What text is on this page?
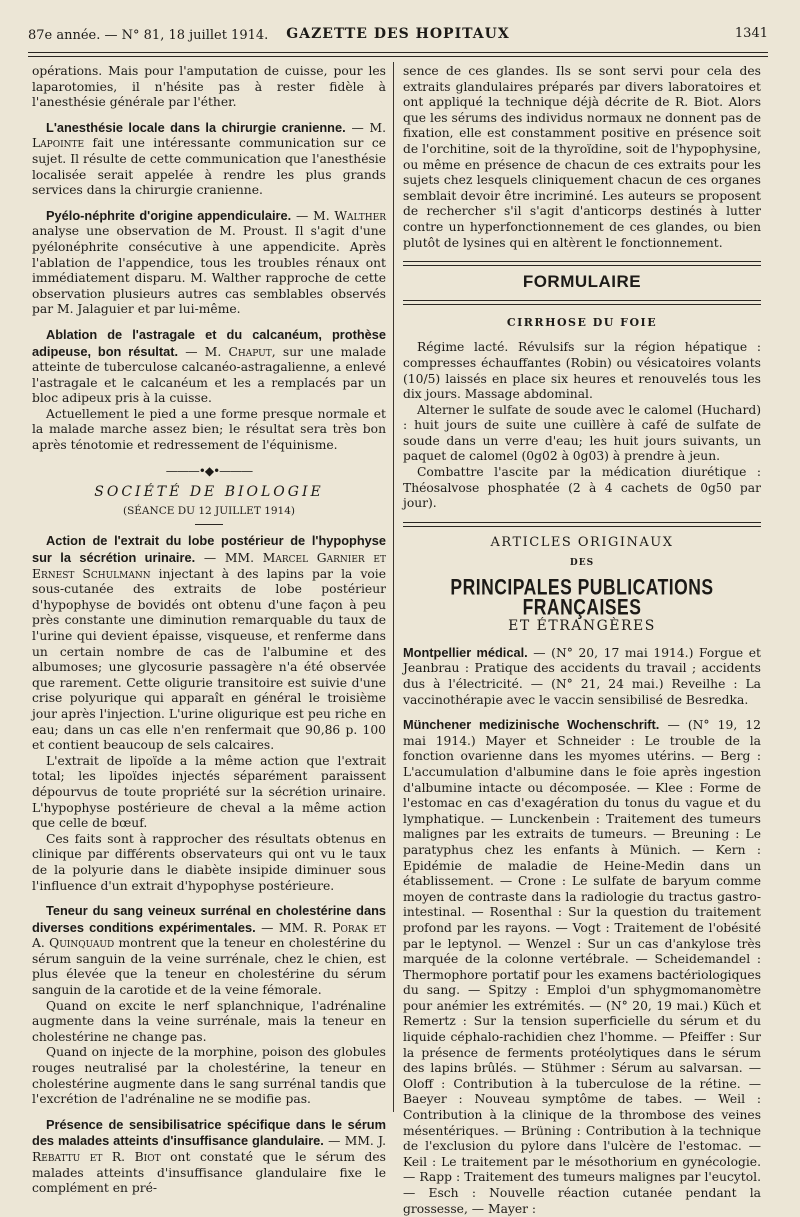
87e année. — N° 81, 18 juillet 1914.	GAZETTE DES HOPITAUX	1341

opérations. Mais pour l'amputation de cuisse, pour les laparotomies, il n'hésite pas à rester fidèle à l'anesthésie générale par l'éther.

L'anesthésie locale dans la chirurgie cranienne. — M. Lapointe fait une intéressante communication sur ce sujet. Il résulte de cette communication que l'anesthésie localisée serait appelée à rendre les plus grands services dans la chirurgie cranienne.

Pyélo-néphrite d'origine appendiculaire. — M. Walther analyse une observation de M. Proust. Il s'agit d'une pyélonéphrite consécutive à une appendicite. Après l'ablation de l'appendice, tous les troubles rénaux ont immédiatement disparu. M. Walther rapproche de cette observation plusieurs autres cas semblables observés par M. Jalaguier et par lui-même.

Ablation de l'astragale et du calcanéum, prothèse adipeuse, bon résultat. — M. Chaput, sur une malade atteinte de tuberculose calcanéo-astragalienne, a enlevé l'astragale et le calcanéum et les a remplacés par un bloc adipeux pris à la cuisse.

Actuellement le pied a une forme presque normale et la malade marche assez bien; le résultat sera très bon après ténotomie et redressement de l'équinisme.

———•◆•———
SOCIÉTÉ DE BIOLOGIE
(SÉANCE DU 12 JUILLET 1914)

Action de l'extrait du lobe postérieur de l'hypophyse sur la sécrétion urinaire. — MM. Marcel Garnier et Ernest Schulmann injectant à des lapins par la voie sous-cutanée des extraits de lobe postérieur d'hypophyse de bovidés ont obtenu d'une façon à peu près constante une diminution remarquable du taux de l'urine qui devient épaisse, visqueuse, et renferme dans un certain nombre de cas de l'albumine et des albumoses; une glycosurie passagère n'a été observée que rarement. Cette oligurie transitoire est suivie d'une crise polyurique qui apparaît en général le troisième jour après l'injection. L'urine oligurique est peu riche en eau; dans un cas elle n'en renfermait que 90,86 p. 100 et contient beaucoup de sels calcaires.

L'extrait de lipoïde a la même action que l'extrait total; les lipoïdes injectés séparément paraissent dépourvus de toute propriété sur la sécrétion urinaire. L'hypophyse postérieure de cheval a la même action que celle de bœuf.

Ces faits sont à rapprocher des résultats obtenus en clinique par différents observateurs qui ont vu le taux de la polyurie dans le diabète insipide diminuer sous l'influence d'un extrait d'hypophyse postérieure.

Teneur du sang veineux surrénal en cholestérine dans diverses conditions expérimentales. — MM. R. Porak et A. Quinquaud montrent que la teneur en cholestérine du sérum sanguin de la veine surrénale, chez le chien, est plus élevée que la teneur en cholestérine du sérum sanguin de la carotide et de la veine fémorale.

Quand on excite le nerf splanchnique, l'adrénaline augmente dans la veine surrénale, mais la teneur en cholestérine ne change pas.

Quand on injecte de la morphine, poison des globules rouges neutralisé par la cholestérine, la teneur en cholestérine augmente dans le sang surrénal tandis que l'excrétion de l'adrénaline ne se modifie pas.

Présence de sensibilisatrice spécifique dans le sérum des malades atteints d'insuffisance glandulaire. — MM. J. Rebattu et R. Biot ont constaté que le sérum des malades atteints d'insuffisance glandulaire fixe le complément en pré-

sence de ces glandes. Ils se sont servi pour cela des extraits glandulaires préparés par divers laboratoires et ont appliqué la technique déjà décrite de R. Biot. Alors que les sérums des individus normaux ne donnent pas de fixation, elle est constamment positive en présence soit de l'orchitine, soit de la thyroïdine, soit de l'hypophysine, ou même en présence de chacun de ces extraits pour les sujets chez lesquels cliniquement chacun de ces organes semblait devoir être incriminé. Les auteurs se proposent de rechercher s'il s'agit d'anticorps destinés à lutter contre un hyperfonctionnement de ces glandes, ou bien plutôt de lysines qui en altèrent le fonctionnement.

FORMULAIRE
CIRRHOSE DU FOIE

Régime lacté. Révulsifs sur la région hépatique : compresses échauffantes (Robin) ou vésicatoires volants (10/5) laissés en place six heures et renouvelés tous les dix jours. Massage abdominal.

Alterner le sulfate de soude avec le calomel (Huchard) : huit jours de suite une cuillère à café de sulfate de soude dans un verre d'eau; les huit jours suivants, un paquet de calomel (0g02 à 0g03) à prendre à jeun.

Combattre l'ascite par la médication diurétique : Théosalvose phosphatée (2 à 4 cachets de 0g50 par jour).

ARTICLES ORIGINAUX
DES
PRINCIPALES PUBLICATIONS FRANÇAISES
ET ÉTRANGÈRES

Montpellier médical. — (N° 20, 17 mai 1914.) Forgue et Jeanbrau : Pratique des accidents du travail ; accidents dus à l'électricité. — (N° 21, 24 mai.) Reveilhe : La vaccinothérapie avec le vaccin sensibilisé de Besredka.

Münchener medizinische Wochenschrift. — (N° 19, 12 mai 1914.) Mayer et Schneider : Le trouble de la fonction ovarienne dans les myomes utérins. — Berg : L'accumulation d'albumine dans le foie après ingestion d'albumine intacte ou décomposée. — Klee : Forme de l'estomac en cas d'exagération du tonus du vague et du lymphatique. — Lunckenbein : Traitement des tumeurs malignes par les extraits de tumeurs. — Breuning : Le paratyphus chez les enfants à Münich. — Kern : Epidémie de maladie de Heine-Medin dans un établissement. — Crone : Le sulfate de baryum comme moyen de contraste dans la radiologie du tractus gastro-intestinal. — Rosenthal : Sur la question du traitement profond par les rayons. — Vogt : Traitement de l'obésité par le leptynol. — Wenzel : Sur un cas d'ankylose très marquée de la colonne vertébrale. — Scheidemandel : Thermophore portatif pour les examens bactériologiques du sang. — Spitzy : Emploi d'un sphygmomanomètre pour anémier les extrémités. — (N° 20, 19 mai.) Küch et Remertz : Sur la tension superficielle du sérum et du liquide céphalo-rachidien chez l'homme. — Pfeiffer : Sur la présence de ferments protéolytiques dans le sérum des lapins brûlés. — Stühmer : Sérum au salvarsan. — Oloff : Contribution à la tuberculose de la rétine. — Baeyer : Nouveau symptôme de tabes. — Weil : Contribution à la clinique de la thrombose des veines mésentériques. — Brüning : Contribution à la technique de l'exclusion du pylore dans l'ulcère de l'estomac. — Keil : Le traitement par le mésothorium en gynécologie. — Rapp : Traitement des tumeurs malignes par l'eucytol. — Esch : Nouvelle réaction cutanée pendant la grossesse, — Mayer :
